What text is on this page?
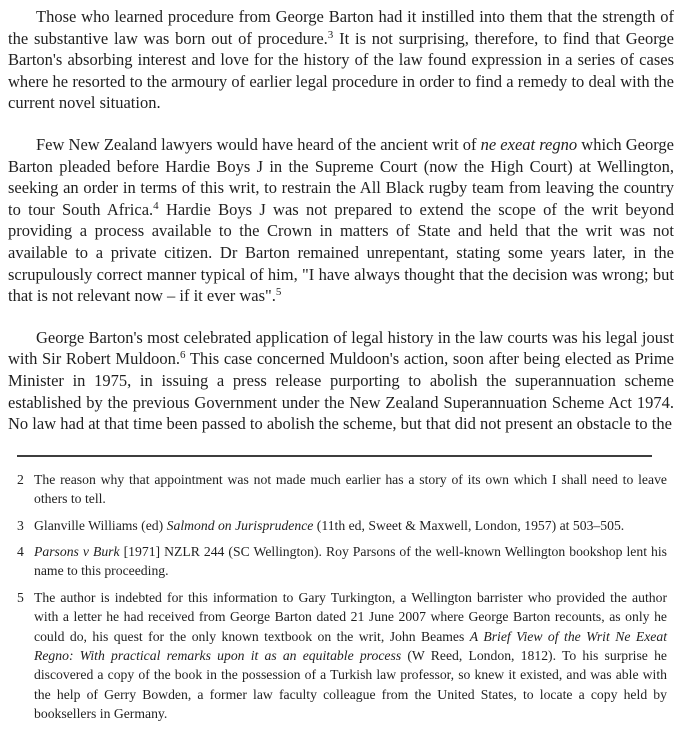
Those who learned procedure from George Barton had it instilled into them that the strength of the substantive law was born out of procedure.$^3$ It is not surprising, therefore, to find that George Barton's absorbing interest and love for the history of the law found expression in a series of cases where he resorted to the armoury of earlier legal procedure in order to find a remedy to deal with the current novel situation.

Few New Zealand lawyers would have heard of the ancient writ of ne exeat regno which George Barton pleaded before Hardie Boys J in the Supreme Court (now the High Court) at Wellington, seeking an order in terms of this writ, to restrain the All Black rugby team from leaving the country to tour South Africa.$^4$ Hardie Boys J was not prepared to extend the scope of the writ beyond providing a process available to the Crown in matters of State and held that the writ was not available to a private citizen. Dr Barton remained unrepentant, stating some years later, in the scrupulously correct manner typical of him, "I have always thought that the decision was wrong; but that is not relevant now – if it ever was".$^5$

George Barton's most celebrated application of legal history in the law courts was his legal joust with Sir Robert Muldoon.$^6$ This case concerned Muldoon's action, soon after being elected as Prime Minister in 1975, in issuing a press release purporting to abolish the superannuation scheme established by the previous Government under the New Zealand Superannuation Scheme Act 1974. No law had at that time been passed to abolish the scheme, but that did not present an obstacle to the

2 The reason why that appointment was not made much earlier has a story of its own which I shall need to leave others to tell.
3 Glanville Williams (ed) Salmond on Jurisprudence (11th ed, Sweet & Maxwell, London, 1957) at 503–505.
4 Parsons v Burk [1971] NZLR 244 (SC Wellington). Roy Parsons of the well-known Wellington bookshop lent his name to this proceeding.
5 The author is indebted for this information to Gary Turkington, a Wellington barrister who provided the author with a letter he had received from George Barton dated 21 June 2007 where George Barton recounts, as only he could do, his quest for the only known textbook on the writ, John Beames A Brief View of the Writ Ne Exeat Regno: With practical remarks upon it as an equitable process (W Reed, London, 1812). To his surprise he discovered a copy of the book in the possession of a Turkish law professor, so knew it existed, and was able with the help of Gerry Bowden, a former law faculty colleague from the United States, to locate a copy held by booksellers in Germany.
